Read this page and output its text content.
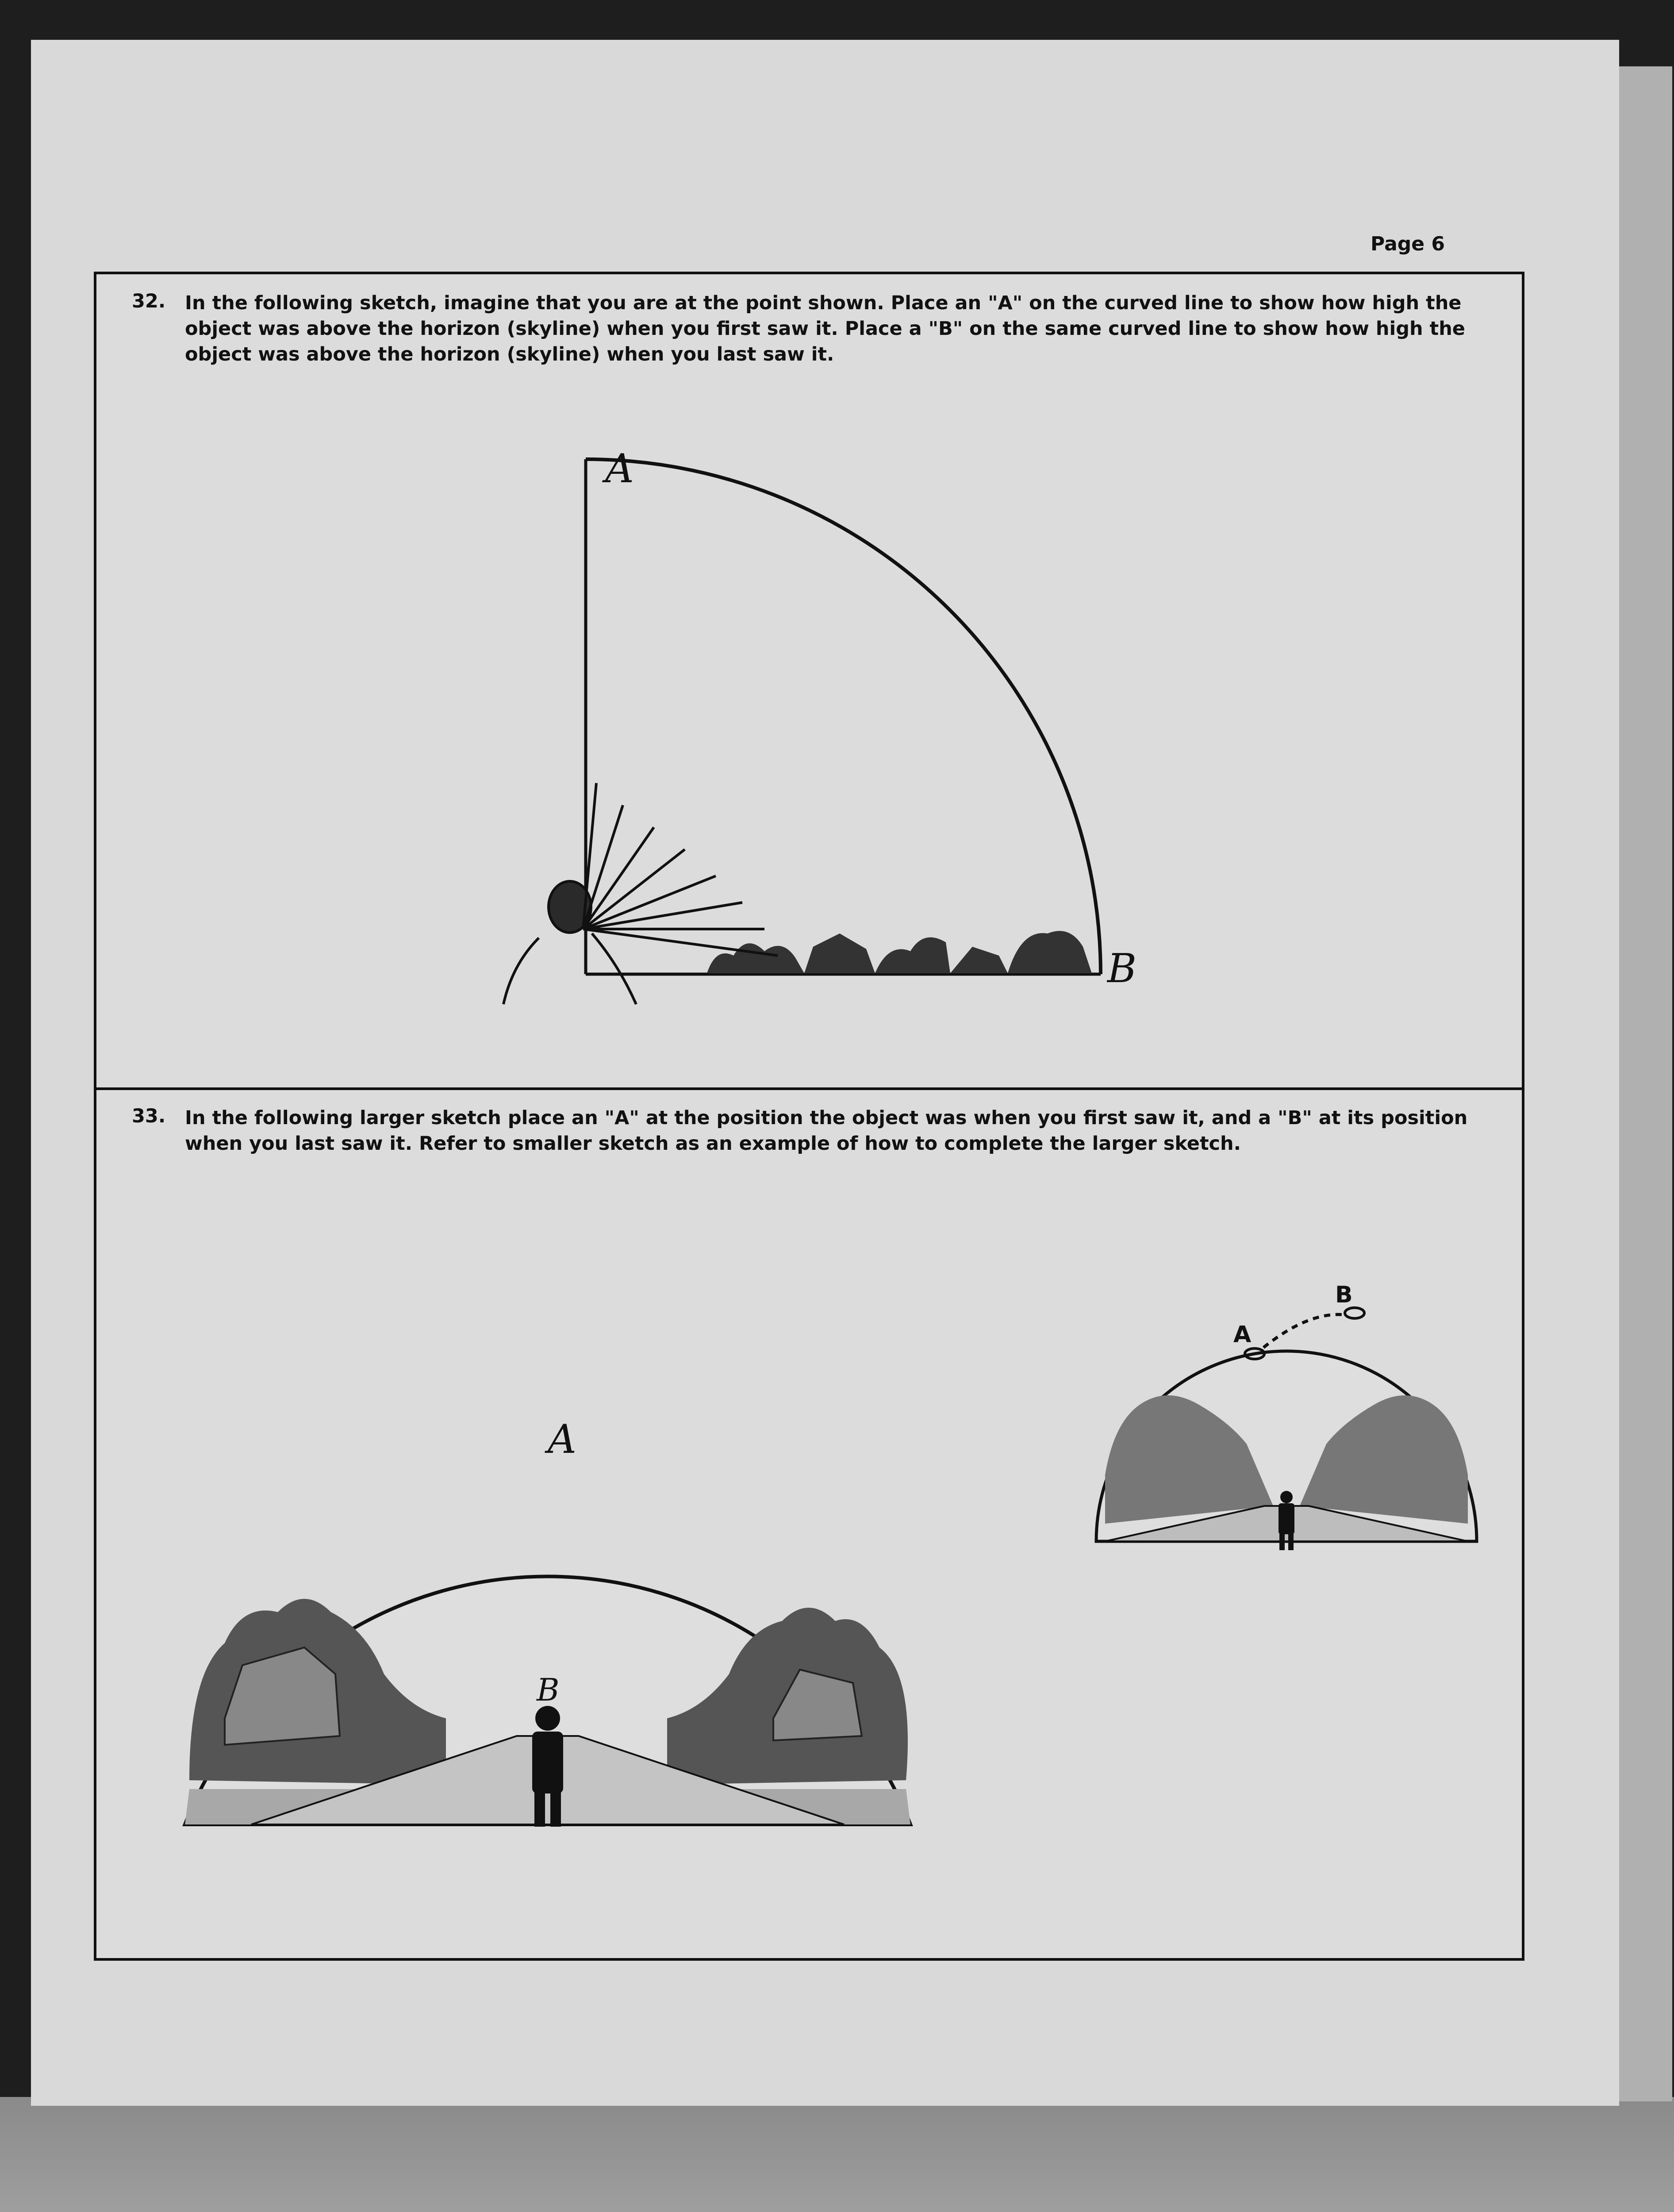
Page 6
32. In the following sketch, imagine that you are at the point shown. Place an "A" on the curved line to show how high the object was above the horizon (skyline) when you first saw it. Place a "B" on the same curved line to show how high the object was above the horizon (skyline) when you last saw it.
A
B
33. In the following larger sketch place an "A" at the position the object was when you first saw it, and a "B" at its position when you last saw it. Refer to smaller sketch as an example of how to complete the larger sketch.
A
B
A
B
